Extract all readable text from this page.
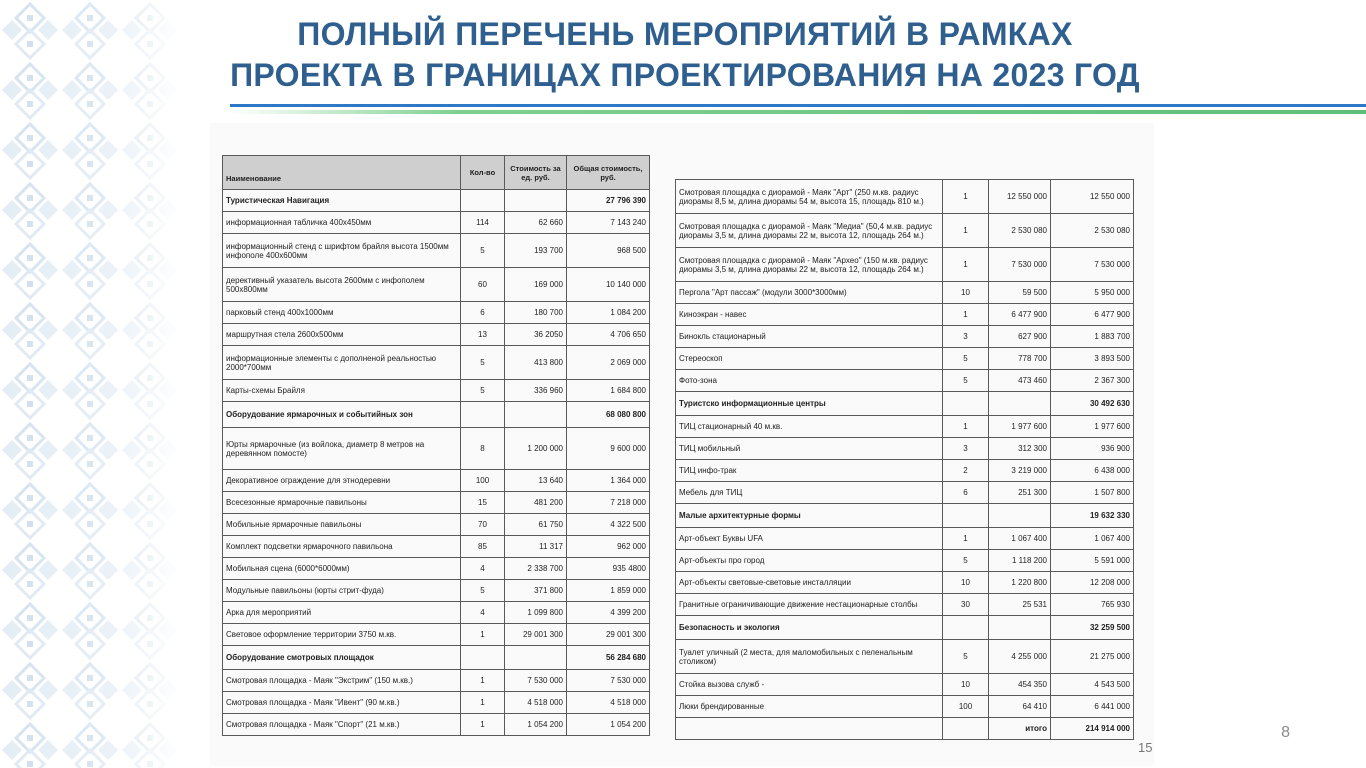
ПОЛНЫЙ ПЕРЕЧЕНЬ МЕРОПРИЯТИЙ В РАМКАХ
ПРОЕКТА В ГРАНИЦАХ ПРОЕКТИРОВАНИЯ НА 2023 ГОД
Наименование	Кол-во	Стоимость за ед. руб.	Общая стоимость, руб.
Туристическая Навигация			27 796 390
информационная табличка 400х450мм	114	62 660	7 143 240
информационный стенд с шрифтом брайля высота 1500мм инфополе 400х600мм	5	193 700	968 500
дерективный указатель высота 2600мм с инфополем 500х800мм	60	169 000	10 140 000
парковый стенд 400х1000мм	6	180 700	1 084 200
маршрутная стела 2600х500мм	13	36 2050	4 706 650
информационные элементы с дополненой реальностью 2000*700мм	5	413 800	2 069 000
Карты-схемы Брайля	5	336 960	1 684 800
Оборудование ярмарочных и событийных зон			68 080 800
Юрты ярмарочные (из войлока, диаметр 8 метров на деревянном помосте)	8	1 200 000	9 600 000
Декоративное ограждение для этнодеревни	100	13 640	1 364 000
Всесезонные ярмарочные павильоны	15	481 200	7 218 000
Мобильные ярмарочные павильоны	70	61 750	4 322 500
Комплект подсветки ярмарочного павильона	85	11 317	962 000
Мобильная сцена (6000*6000мм)	4	2 338 700	935 4800
Модульные павильоны (юрты стрит-фуда)	5	371 800	1 859 000
Арка для мероприятий	4	1 099 800	4 399 200
Световое оформление территории 3750 м.кв.	1	29 001 300	29 001 300
Оборудование смотровых площадок			56 284 680
Смотровая площадка - Маяк "Экстрим" (150 м.кв.)	1	7 530 000	7 530 000
Смотровая площадка - Маяк "Ивент" (90 м.кв.)	1	4 518 000	4 518 000
Смотровая площадка - Маяк "Спорт" (21 м.кв.)	1	1 054 200	1 054 200
Смотровая площадка с диорамой - Маяк "Арт" (250 м.кв. радиус диорамы 8,5 м, длина диорамы 54 м, высота 15, площадь 810 м.)	1	12 550 000	12 550 000
Смотровая площадка с диорамой - Маяк "Медиа" (50,4 м.кв. радиус диорамы 3,5 м, длина диорамы 22 м, высота 12, площадь 264 м.)	1	2 530 080	2 530 080
Смотровая площадка с диорамой - Маяк "Архео" (150 м.кв. радиус диорамы 3,5 м, длина диорамы 22 м, высота 12, площадь 264 м.)	1	7 530 000	7 530 000
Пергола "Арт пассаж" (модули 3000*3000мм)	10	59 500	5 950 000
Киноэкран - навес	1	6 477 900	6 477 900
Бинокль стационарный	3	627 900	1 883 700
Стереоскоп	5	778 700	3 893 500
Фото-зона	5	473 460	2 367 300
Туристско информационные центры			30 492 630
ТИЦ стационарный 40 м.кв.	1	1 977 600	1 977 600
ТИЦ мобильный	3	312 300	936 900
ТИЦ инфо-трак	2	3 219 000	6 438 000
Мебель для ТИЦ	6	251 300	1 507 800
Малые архитектурные формы			19 632 330
Арт-объект Буквы UFA	1	1 067 400	1 067 400
Арт-объекты про город	5	1 118 200	5 591 000
Арт-объекты световые-световые инсталляции	10	1 220 800	12 208 000
Гранитные ограничивающие движение нестационарные столбы	30	25 531	765 930
Безопасность и экология			32 259 500
Туалет уличный (2 места, для маломобильных с пеленальным столиком)	5	4 255 000	21 275 000
Стойка вызова служб -	10	454 350	4 543 500
Люки брендированные	100	64 410	6 441 000
		итого	214 914 000
15
8
